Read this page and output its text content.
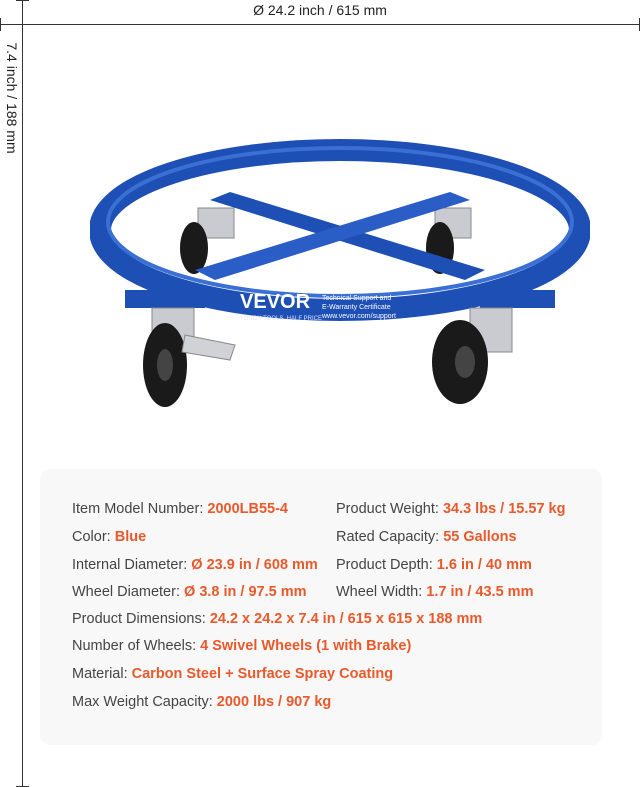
Ø 24.2 inch / 615 mm
7.4 inch / 188 mm
VEVOR
TOUGH TOOLS, HALF PRICE
Technical Support and
E-Warranty Certificate
www.vevor.com/support
Item Model Number: 2000LB55-4	Product Weight: 34.3 lbs / 15.57 kg
Color: Blue	Rated Capacity: 55 Gallons
Internal Diameter: Ø 23.9 in / 608 mm Product Depth: 1.6 in / 40 mm
Wheel Diameter: Ø 3.8 in / 97.5 mm Wheel Width: 1.7 in / 43.5 mm
Product Dimensions: 24.2 x 24.2 x 7.4 in / 615 x 615 x 188 mm
Number of Wheels: 4 Swivel Wheels (1 with Brake)
Material: Carbon Steel + Surface Spray Coating
Max Weight Capacity: 2000 lbs / 907 kg
